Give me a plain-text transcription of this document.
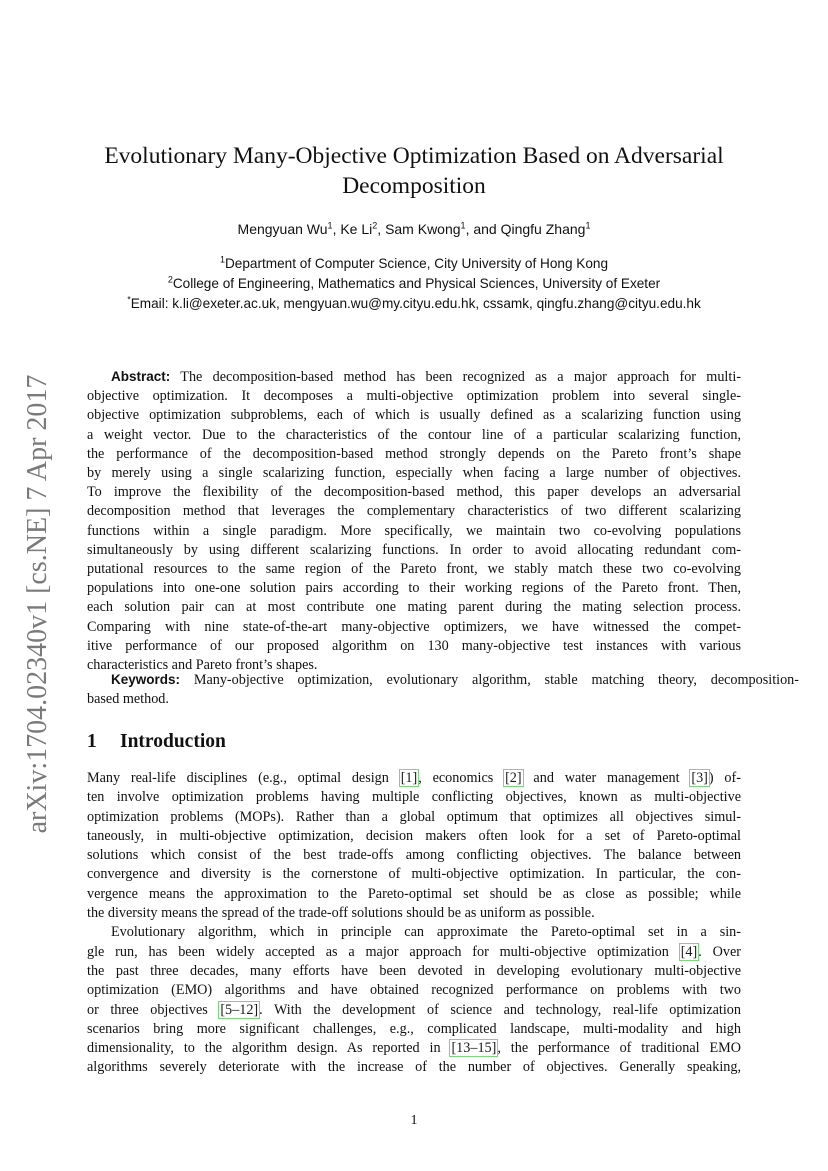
arXiv:1704.02340v1 [cs.NE] 7 Apr 2017
Evolutionary Many-Objective Optimization Based on Adversarial
Decomposition
Mengyuan Wu$^1$, Ke Li$^2$, Sam Kwong$^1$, and Qingfu Zhang$^1$
$^1$Department of Computer Science, City University of Hong Kong
$^2$College of Engineering, Mathematics and Physical Sciences, University of Exeter
*Email: k.li@exeter.ac.uk, mengyuan.wu@my.cityu.edu.hk, cssamk, qingfu.zhang@cityu.edu.hk
Abstract: The decomposition-based method has been recognized as a major approach for multi-
objective optimization. It decomposes a multi-objective optimization problem into several single-
objective optimization subproblems, each of which is usually defined as a scalarizing function using
a weight vector. Due to the characteristics of the contour line of a particular scalarizing function,
the performance of the decomposition-based method strongly depends on the Pareto front’s shape
by merely using a single scalarizing function, especially when facing a large number of objectives.
To improve the flexibility of the decomposition-based method, this paper develops an adversarial
decomposition method that leverages the complementary characteristics of two different scalarizing
functions within a single paradigm. More specifically, we maintain two co-evolving populations
simultaneously by using different scalarizing functions. In order to avoid allocating redundant com-
putational resources to the same region of the Pareto front, we stably match these two co-evolving
populations into one-one solution pairs according to their working regions of the Pareto front. Then,
each solution pair can at most contribute one mating parent during the mating selection process.
Comparing with nine state-of-the-art many-objective optimizers, we have witnessed the compet-
itive performance of our proposed algorithm on 130 many-objective test instances with various
characteristics and Pareto front’s shapes.
Keywords: Many-objective optimization, evolutionary algorithm, stable matching theory, decomposition-
based method.
1 Introduction
Many real-life disciplines (e.g., optimal design [1], economics [2] and water management [3]) of-
ten involve optimization problems having multiple conflicting objectives, known as multi-objective
optimization problems (MOPs). Rather than a global optimum that optimizes all objectives simul-
taneously, in multi-objective optimization, decision makers often look for a set of Pareto-optimal
solutions which consist of the best trade-offs among conflicting objectives. The balance between
convergence and diversity is the cornerstone of multi-objective optimization. In particular, the con-
vergence means the approximation to the Pareto-optimal set should be as close as possible; while
the diversity means the spread of the trade-off solutions should be as uniform as possible.
Evolutionary algorithm, which in principle can approximate the Pareto-optimal set in a sin-
gle run, has been widely accepted as a major approach for multi-objective optimization [4]. Over
the past three decades, many efforts have been devoted in developing evolutionary multi-objective
optimization (EMO) algorithms and have obtained recognized performance on problems with two
or three objectives [5–12]. With the development of science and technology, real-life optimization
scenarios bring more significant challenges, e.g., complicated landscape, multi-modality and high
dimensionality, to the algorithm design. As reported in [13–15], the performance of traditional EMO
algorithms severely deteriorate with the increase of the number of objectives. Generally speaking,
1
